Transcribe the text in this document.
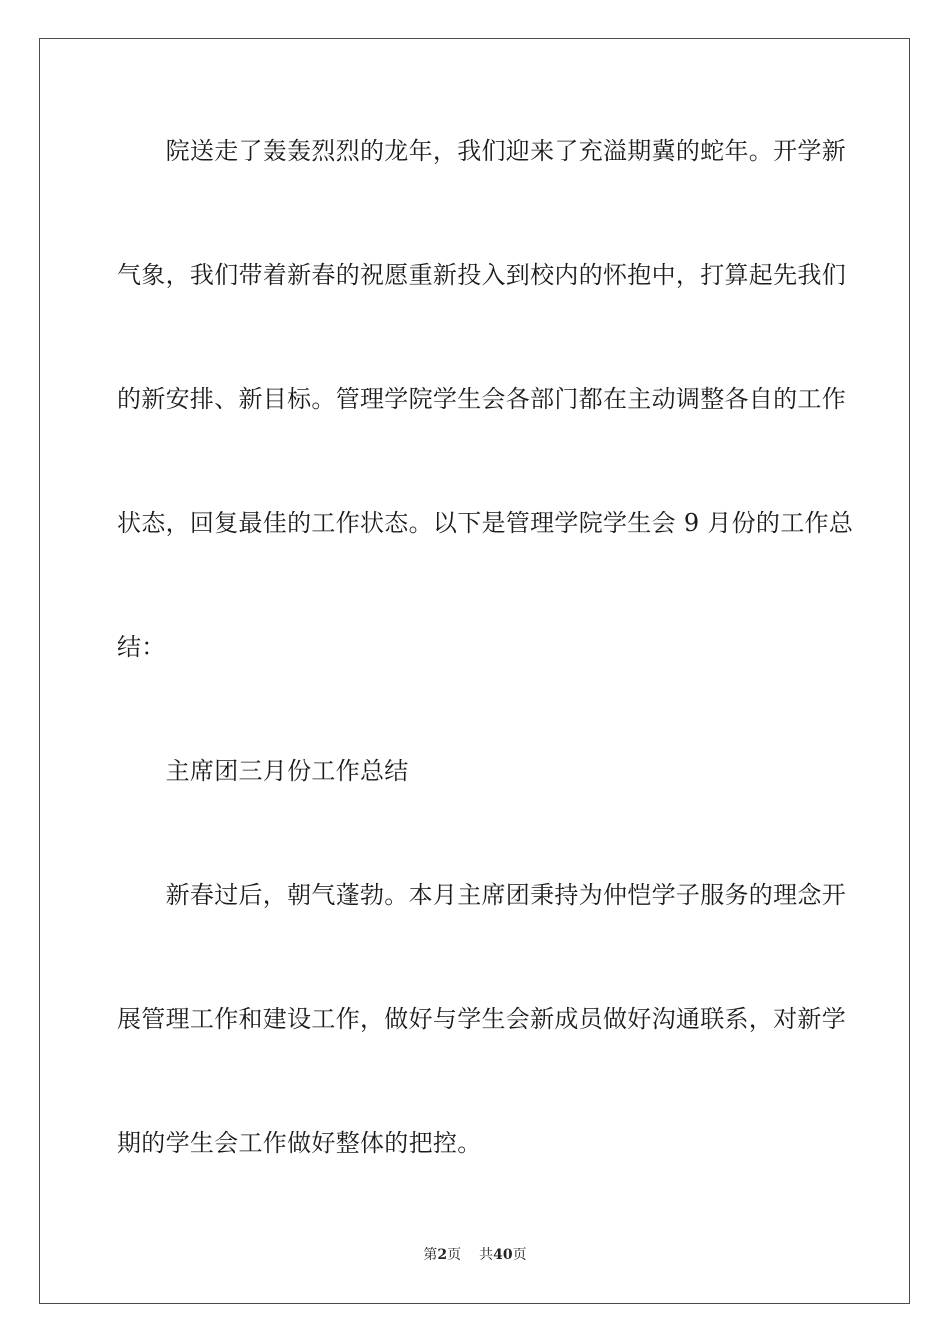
　　院送走了轰轰烈烈的龙年，我们迎来了充溢期冀的蛇年。开学新
气象，我们带着新春的祝愿重新投入到校内的怀抱中，打算起先我们
的新安排、新目标。管理学院学生会各部门都在主动调整各自的工作
状态，回复最佳的工作状态。以下是管理学院学生会 9 月份的工作总
结：
　　主席团三月份工作总结
　　新春过后，朝气蓬勃。本月主席团秉持为仲恺学子服务的理念开
展管理工作和建设工作，做好与学生会新成员做好沟通联系，对新学
期的学生会工作做好整体的把控。
第2页 共40页
